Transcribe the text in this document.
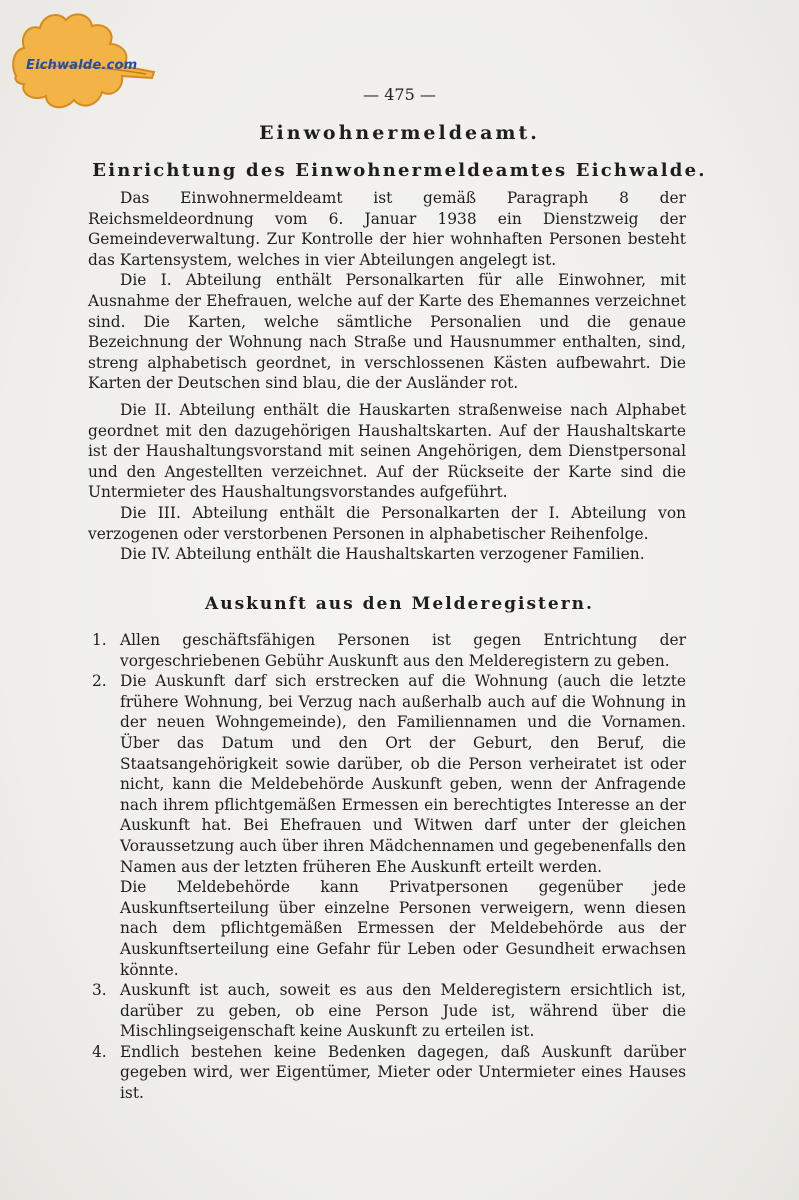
Eichwalde.com
— 475 —
Einwohnermeldeamt.
Einrichtung des Einwohnermeldeamtes Eichwalde.

Das Einwohnermeldeamt ist gemäß Paragraph 8 der Reichsmeldeordnung vom 6. Januar 1938 ein Dienstzweig der Gemeindeverwaltung. Zur Kontrolle der hier wohnhaften Personen besteht das Kartensystem, welches in vier Abteilungen angelegt ist.

Die I. Abteilung enthält Personalkarten für alle Einwohner, mit Ausnahme der Ehefrauen, welche auf der Karte des Ehemannes verzeichnet sind. Die Karten, welche sämtliche Personalien und die genaue Bezeichnung der Wohnung nach Straße und Hausnummer enthalten, sind, streng alphabetisch geordnet, in verschlossenen Kästen aufbewahrt. Die Karten der Deutschen sind blau, die der Ausländer rot.

Die II. Abteilung enthält die Hauskarten straßenweise nach Alphabet geordnet mit den dazugehörigen Haushaltskarten. Auf der Haushaltskarte ist der Haushaltungsvorstand mit seinen Angehörigen, dem Dienstpersonal und den Angestellten verzeichnet. Auf der Rückseite der Karte sind die Untermieter des Haushaltungsvorstandes aufgeführt.

Die III. Abteilung enthält die Personalkarten der I. Abteilung von verzogenen oder verstorbenen Personen in alphabetischer Reihenfolge.

Die IV. Abteilung enthält die Haushaltskarten verzogener Familien.

Auskunft aus den Melderegistern.
1. Allen geschäftsfähigen Personen ist gegen Entrichtung der vorgeschriebenen Gebühr Auskunft aus den Melderegistern zu geben.

2. Die Auskunft darf sich erstrecken auf die Wohnung (auch die letzte frühere Wohnung, bei Verzug nach außerhalb auch auf die Wohnung in der neuen Wohngemeinde), den Familiennamen und die Vornamen. Über das Datum und den Ort der Geburt, den Beruf, die Staatsangehörigkeit sowie darüber, ob die Person verheiratet ist oder nicht, kann die Meldebehörde Auskunft geben, wenn der Anfragende nach ihrem pflichtgemäßen Ermessen ein berechtigtes Interesse an der Auskunft hat. Bei Ehefrauen und Witwen darf unter der gleichen Voraussetzung auch über ihren Mädchennamen und gegebenenfalls den Namen aus der letzten früheren Ehe Auskunft erteilt werden.

Die Meldebehörde kann Privatpersonen gegenüber jede Auskunftserteilung über einzelne Personen verweigern, wenn diesen nach dem pflichtgemäßen Ermessen der Meldebehörde aus der Auskunftserteilung eine Gefahr für Leben oder Gesundheit erwachsen könnte.

3. Auskunft ist auch, soweit es aus den Melderegistern ersichtlich ist, darüber zu geben, ob eine Person Jude ist, während über die Mischlingseigenschaft keine Auskunft zu erteilen ist.

4. Endlich bestehen keine Bedenken dagegen, daß Auskunft darüber gegeben wird, wer Eigentümer, Mieter oder Untermieter eines Hauses ist.
